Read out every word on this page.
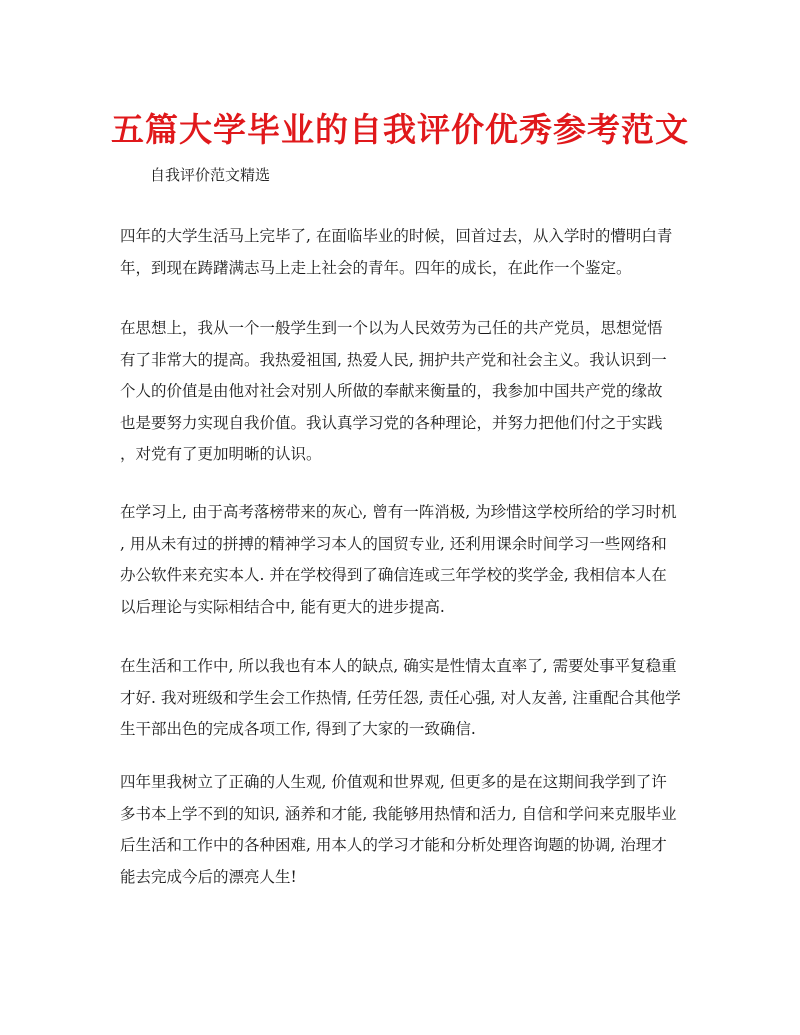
五篇大学毕业的自我评价优秀参考范文
自我评价范文精选
四年的大学生活马上完毕了, 在面临毕业的时候，回首过去，从入学时的懵明白青
年，到现在踌躇满志马上走上社会的青年。四年的成长，在此作一个鉴定。
在思想上，我从一个一般学生到一个以为人民效劳为己任的共产党员，思想觉悟
有了非常大的提高。我热爱祖国, 热爱人民, 拥护共产党和社会主义。我认识到一
个人的价值是由他对社会对别人所做的奉献来衡量的，我参加中国共产党的缘故
也是要努力实现自我价值。我认真学习党的各种理论，并努力把他们付之于实践
，对党有了更加明晰的认识。
在学习上, 由于高考落榜带来的灰心, 曾有一阵消极, 为珍惜这学校所给的学习时机
, 用从未有过的拼搏的精神学习本人的国贸专业, 还利用课余时间学习一些网络和
办公软件来充实本人. 并在学校得到了确信连或三年学校的奖学金, 我相信本人在
以后理论与实际相结合中, 能有更大的进步提高.
在生活和工作中, 所以我也有本人的缺点, 确实是性情太直率了, 需要处事平复稳重
才好. 我对班级和学生会工作热情, 任劳任怨, 责任心强, 对人友善, 注重配合其他学
生干部出色的完成各项工作, 得到了大家的一致确信.
四年里我树立了正确的人生观, 价值观和世界观, 但更多的是在这期间我学到了许
多书本上学不到的知识, 涵养和才能, 我能够用热情和活力, 自信和学问来克服毕业
后生活和工作中的各种困难, 用本人的学习才能和分析处理咨询题的协调, 治理才
能去完成今后的漂亮人生!
